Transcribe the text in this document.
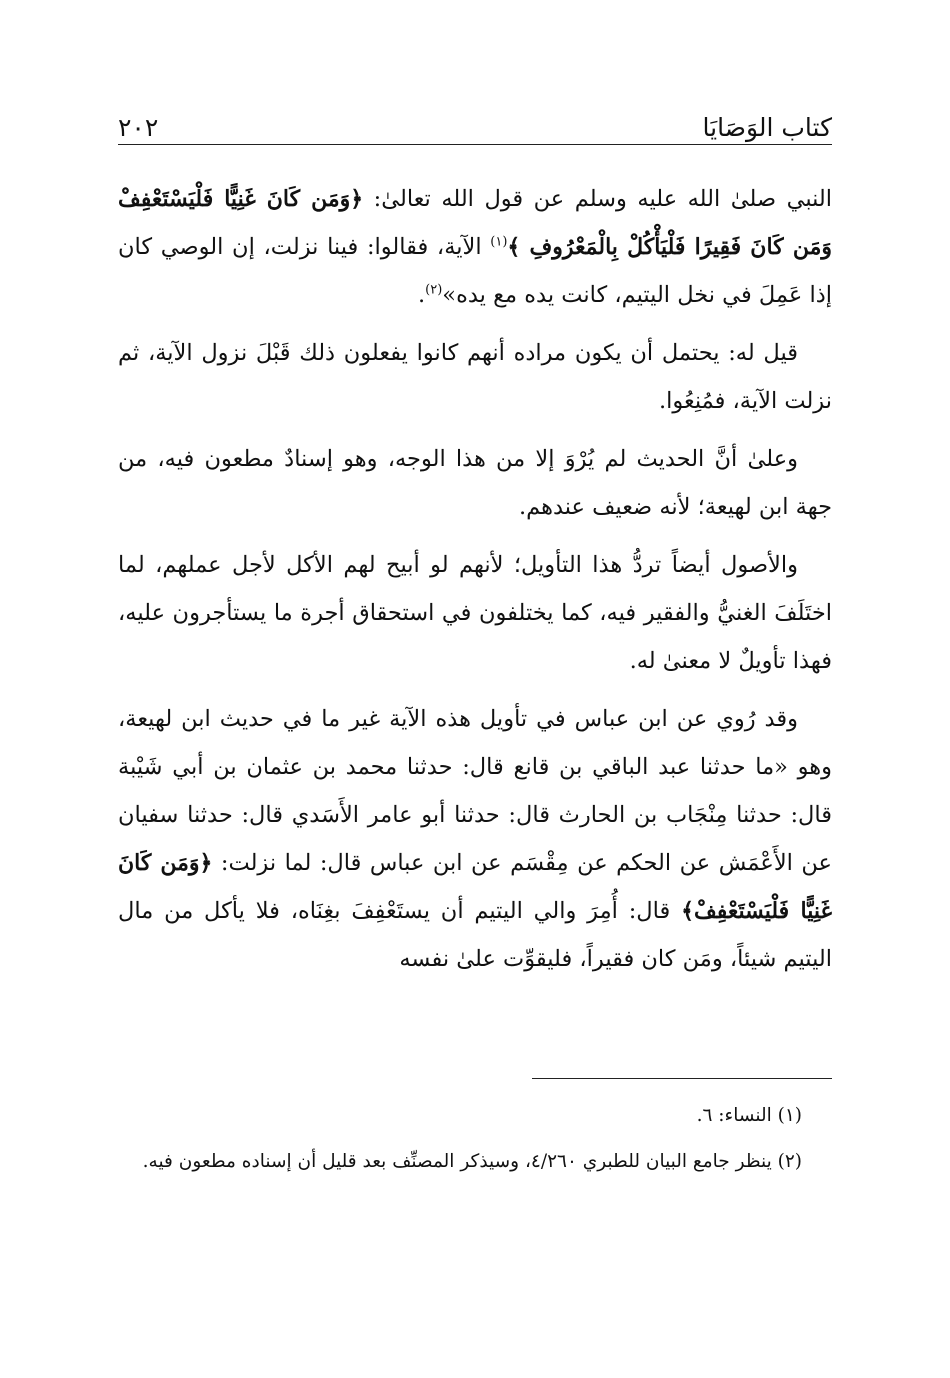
كتاب الوَصَايَا
٢٠٢

النبي صلىٰ الله عليه وسلم عن قول الله تعالىٰ: ﴿وَمَن كَانَ غَنِيًّا فَلْيَسْتَعْفِفْ وَمَن كَانَ فَقِيرًا فَلْيَأْكُلْ بِالْمَعْرُوفِ ﴾$^{(١)}$ الآية، فقالوا: فينا نزلت، إن الوصي كان إذا عَمِلَ في نخل اليتيم، كانت يده مع يده»$^{(٢)}$.

قيل له: يحتمل أن يكون مراده أنهم كانوا يفعلون ذلك قَبْلَ نزول الآية، ثم نزلت الآية، فمُنِعُوا.

وعلىٰ أنَّ الحديث لم يُرْوَ إلا من هذا الوجه، وهو إسنادٌ مطعون فيه، من جهة ابن لهيعة؛ لأنه ضعيف عندهم.

والأصول أيضاً تردُّ هذا التأويل؛ لأنهم لو أبيح لهم الأكل لأجل عملهم، لما اختَلَفَ الغنيُّ والفقير فيه، كما يختلفون في استحقاق أجرة ما يستأجرون عليه، فهذا تأويلٌ لا معنىٰ له.

وقد رُوي عن ابن عباس في تأويل هذه الآية غير ما في حديث ابن لهيعة، وهو «ما حدثنا عبد الباقي بن قانع قال: حدثنا محمد بن عثمان بن أبي شَيْبة قال: حدثنا مِنْجَاب بن الحارث قال: حدثنا أبو عامر الأَسَدي قال: حدثنا سفيان عن الأَعْمَش عن الحكم عن مِقْسَم عن ابن عباس قال: لما نزلت: ﴿وَمَن كَانَ غَنِيًّا فَلْيَسْتَعْفِفْ﴾ قال: أُمِرَ والي اليتيم أن يستَعْفِفَ بغِنَاه، فلا يأكل من مال اليتيم شيئاً، ومَن كان فقيراً، فليقوِّت علىٰ نفسه

(١) النساء: ٦.

(٢) ينظر جامع البيان للطبري ٤/٢٦٠، وسيذكر المصنِّف بعد قليل أن إسناده مطعون فيه.
